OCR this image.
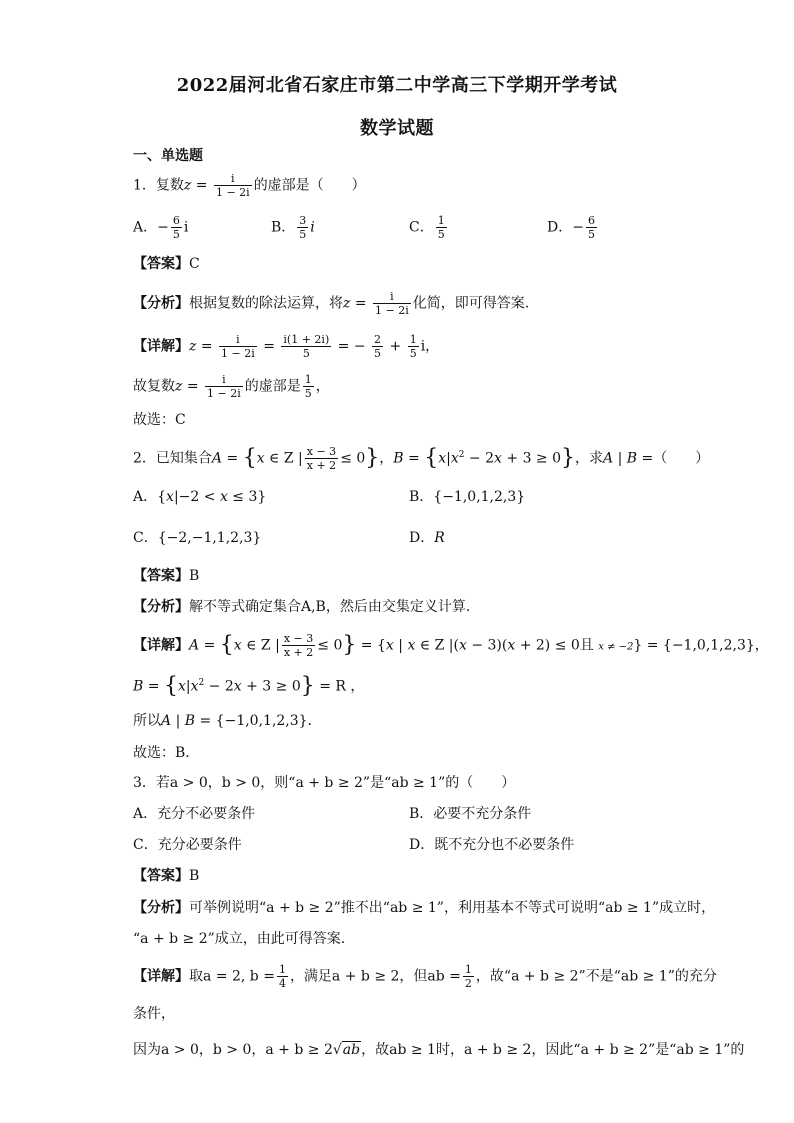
2022届河北省石家庄市第二中学高三下学期开学考试
数学试题
一、单选题
1．复数$z = \frac{i}{1 - 2i}$ 的虚部是（　　）
A．− $\frac{6}{5}$ i	B． $\frac{3}{5}$ i	C． $\frac{1}{5}$	D．− $\frac{6}{5}$
【答案】C
【分析】根据复数的除法运算，将$z = \frac{i}{1 - 2i}$ 化简，即可得答案.
【详解】$z = \frac{i}{1 - 2i} = \frac{i(1 + 2i)}{5}$ = − $\frac{2}{5} + \frac{1}{5}$ i，
故复数$z = \frac{i}{1 - 2i}$ 的虚部是 $\frac{1}{5}$ ，
故选：C
2．已知集合A = {x ∈ Z | $\frac{x - 3}{x + 2} \le 0$}，$B = \{x|x^2 - 2x + 3 \ge 0\}$，求A | B =（　　）
A．{x|−2 < x ≤ 3}	B．{−1,0,1,2,3}
C．{−2,−1,1,2,3}	D．R
【答案】B
【分析】解不等式确定集合A,B，然后由交集定义计算．
【详解】A = {x ∈ Z | $\frac{x - 3}{x + 2} \le 0\} = \{x$ | x ∈ Z |(x − 3)(x + 2) ≤ 0且 x ≠ −2} = {−1,0,1,2,3}，
$B = \{x|x^2 - 2x + 3 \ge 0\} = R$ ，
所以A | B = {−1,0,1,2,3}．
故选：B．
3．若a > 0，b > 0，则“a + b ≥ 2”是“ab ≥ 1”的（　　）
A．充分不必要条件	B．必要不充分条件
C．充分必要条件	D．既不充分也不必要条件
【答案】B
【分析】可举例说明“a + b ≥ 2”推不出“ab ≥ 1”，利用基本不等式可说明“ab ≥ 1”成立时，
“a + b ≥ 2”成立，由此可得答案.
【详解】取a = 2, $b = \frac{1}{4}$ ，满足a + b ≥ 2，但ab = $\frac{1}{2}$ ，故“a + b ≥ 2”不是“ab ≥ 1”的充分
条件，
因为a > 0，b > 0，a + b ≥ 2√ab，故ab ≥ 1时，a + b ≥ 2，因此“a + b ≥ 2”是“ab ≥ 1”的
